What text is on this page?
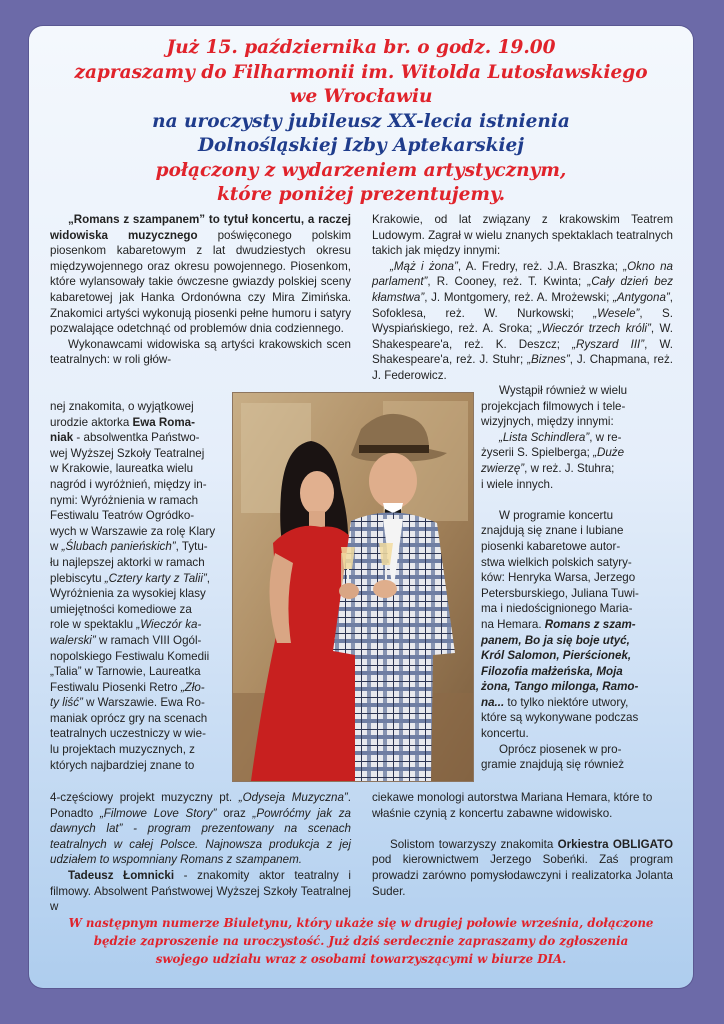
Już 15. października br. o godz. 19.00
zapraszamy do Filharmonii im. Witolda Lutosławskiego
we Wrocławiu
na uroczysty jubileusz XX-lecia istnienia
Dolnośląskiej Izby Aptekarskiej
połączony z wydarzeniem artystycznym,
które poniżej prezentujemy.

„Romans z szampanem” to tytuł koncertu, a raczej widowiska muzycznego poświęconego polskim piosenkom kabaretowym z lat dwudziestych okresu międzywojennego oraz okresu powojennego. Piosenkom, które wylansowały takie ówczesne gwiazdy polskiej sceny kabaretowej jak Hanka Ordonówna czy Mira Zimińska. Znakomici artyści wykonują piosenki pełne humoru i satyry pozwalające odetchnąć od problemów dnia codziennego.

Wykonawcami widowiska są artyści krakowskich scen teatralnych: w roli głów-

nej znakomita, o wyjątkowej

urodzie aktorka Ewa Roma-

niak - absolwentka Państwo-

wej Wyższej Szkoły Teatralnej

w Krakowie, laureatka wielu

nagród i wyróżnień, między in-

nymi: Wyróżnienia w ramach

Festiwalu Teatrów Ogródko-

wych w Warszawie za rolę Klary

w „Ślubach panieńskich”, Tytu-

łu najlepszej aktorki w ramach

plebiscytu „Cztery karty z Talii”,

Wyróżnienia za wysokiej klasy

umiejętności komediowe za

role w spektaklu „Wieczór ka-

walerski” w ramach VIII Ogól-

nopolskiego Festiwalu Komedii

„Talia” w Tarnowie, Laureatka

Festiwalu Piosenki Retro „Zło-

ty liść” w Warszawie. Ewa Ro-

maniak oprócz gry na scenach

teatralnych uczestniczy w wie-

lu projektach muzycznych, z

których najbardziej znane to

4-częściowy projekt muzyczny pt. „Odyseja Muzyczna”. Ponadto „Filmowe Love Story” oraz „Powróćmy jak za dawnych lat” - program prezentowany na scenach teatralnych w całej Polsce. Najnowsza produkcja z jej udziałem to wspomniany Romans z szampanem.

Tadeusz Łomnicki - znakomity aktor teatralny i filmowy. Absolwent Państwowej Wyższej Szkoły Teatralnej w

Krakowie, od lat związany z krakowskim Teatrem Ludowym. Zagrał w wielu znanych spektaklach teatralnych takich jak między innymi:

„Mąż i żona”, A. Fredry, reż. J.A. Braszka; „Okno na parlament”, R. Cooney, reż. T. Kwinta; „Cały dzień bez kłamstwa”, J. Montgomery, reż. A. Mrożewski; „Antygona”, Sofoklesa, reż. W. Nurkowski; „Wesele”, S. Wyspiańskiego, reż. A. Sroka; „Wieczór trzech króli”, W. Shakespeare'a, reż. K. Deszcz; „Ryszard III”, W. Shakespeare'a, reż. J. Stuhr; „Biznes”, J. Chapmana, reż. J. Federowicz.

Wystąpił również w wielu

projekcjach filmowych i tele-

wizyjnych, między innymi:

„Lista Schindlera”, w re-

żyserii S. Spielberga; „Duże

zwierzę”, w reż. J. Stuhra;

i wiele innych.

W programie koncertu

znajdują się znane i lubiane

piosenki kabaretowe autor-

stwa wielkich polskich satyry-

ków: Henryka Warsa, Jerzego

Petersburskiego, Juliana Tuwi-

ma i niedoścignionego Maria-

na Hemara. Romans z szam-

panem, Bo ja się boje utyć,

Król Salomon, Pierścionek,

Filozofia małżeńska, Moja

żona, Tango milonga, Ramo-

na... to tylko niektóre utwory,

które są wykonywane podczas

koncertu.

Oprócz piosenek w pro-

gramie znajdują się również

ciekawe monologi autorstwa Mariana Hemara, które to

właśnie czynią z koncertu zabawne widowisko.

Solistom towarzyszy znakomita Orkiestra OBLIGATO pod kierownictwem Jerzego Sobeńki. Zaś program prowadzi zarówno pomysłodawczyni i realizatorka Jolanta Suder.

W następnym numerze Biuletynu, który ukaże się w drugiej połowie września, dołączone
będzie zaproszenie na uroczystość. Już dziś serdecznie zapraszamy do zgłoszenia
swojego udziału wraz z osobami towarzyszącymi w biurze DIA.
